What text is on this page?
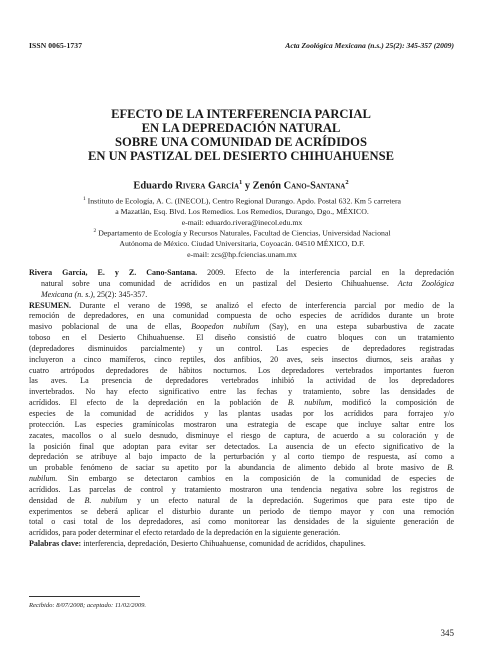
ISSN 0065-1737	Acta Zoológica Mexicana (n.s.) 25(2): 345-357 (2009)
EFECTO DE LA INTERFERENCIA PARCIAL
EN LA DEPREDACIÓN NATURAL
SOBRE UNA COMUNIDAD DE ACRÍDIDOS
EN UN PASTIZAL DEL DESIERTO CHIHUAHUENSE
Eduardo Rivera García$^1$ y Zenón Cano-Santana$^2$
$^1$ Instituto de Ecología, A. C. (INECOL), Centro Regional Durango. Apdo. Postal 632. Km 5 carretera
a Mazatlán, Esq. Blvd. Los Remedios. Los Remedios, Durango, Dgo., MÉXICO.
e-mail: eduardo.rivera@inecol.edu.mx
$^2$ Departamento de Ecología y Recursos Naturales, Facultad de Ciencias, Universidad Nacional
Autónoma de México. Ciudad Universitaria, Coyoacán. 04510 MÉXICO, D.F.
e-mail: zcs@hp.fciencias.unam.mx
Rivera García, E. y Z. Cano-Santana. 2009. Efecto de la interferencia parcial en la depredación
natural sobre una comunidad de acrídidos en un pastizal del Desierto Chihuahuense. Acta Zoológica
Mexicana (n. s.), 25(2): 345-357.
RESUMEN. Durante el verano de 1998, se analizó el efecto de interferencia parcial por medio de la
remoción de depredadores, en una comunidad compuesta de ocho especies de acrídidos durante un brote
masivo poblacional de una de ellas, Boopedon nubilum (Say), en una estepa subarbustiva de zacate
toboso en el Desierto Chihuahuense. El diseño consistió de cuatro bloques con un tratamiento
(depredadores disminuidos parcialmente) y un control. Las especies de depredadores registradas
incluyeron a cinco mamíferos, cinco reptiles, dos anfibios, 20 aves, seis insectos diurnos, seis arañas y
cuatro artrópodos depredadores de hábitos nocturnos. Los depredadores vertebrados importantes fueron
las aves. La presencia de depredadores vertebrados inhibió la actividad de los depredadores
invertebrados. No hay efecto significativo entre las fechas y tratamiento, sobre las densidades de
acrídidos. El efecto de la depredación en la población de B. nubilum, modificó la composición de
especies de la comunidad de acrídidos y las plantas usadas por los acrídidos para forrajeo y/o
protección. Las especies gramínicolas mostraron una estrategia de escape que incluye saltar entre los
zacates, macollos o al suelo desnudo, disminuye el riesgo de captura, de acuerdo a su coloración y de
la posición final que adoptan para evitar ser detectados. La ausencia de un efecto significativo de la
depredación se atribuye al bajo impacto de la perturbación y al corto tiempo de respuesta, así como a
un probable fenómeno de saciar su apetito por la abundancia de alimento debido al brote masivo de B.
nubilum. Sin embargo se detectaron cambios en la composición de la comunidad de especies de
acrídidos. Las parcelas de control y tratamiento mostraron una tendencia negativa sobre los registros de
densidad de B. nubilum y un efecto natural de la depredación. Sugerimos que para este tipo de
experimentos se deberá aplicar el disturbio durante un periodo de tiempo mayor y con una remoción
total o casi total de los depredadores, así como monitorear las densidades de la siguiente generación de
acrídidos, para poder determinar el efecto retardado de la depredación en la siguiente generación.
Palabras clave: interferencia, depredación, Desierto Chihuahuense, comunidad de acrídidos, chapulines.
Recibido: 8/07/2008; aceptado: 11/02/2009.
345
